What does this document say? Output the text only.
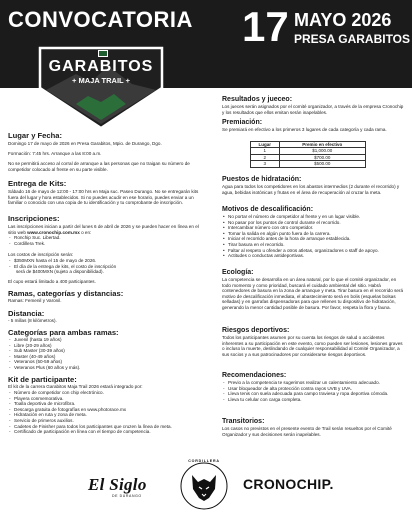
CONVOCATORIA 17 MAYO 2026
PRESA GARABITOS
GARABITOS
+ MAJA TRAIL +
Lugar y Fecha:
Domingo 17 de mayo de 2026 en Presa Garabitos, Mpio. de Durango, Dgo.
Formación: 7:45 hrs. Arranque a las 8:00 a.m.
No se permitirá acceso al corral de arranque a las personas que no traigan su número de competidor colocado al frente en su parte visible.
Entrega de Kits:
Sábado 16 de mayo de 12:00 - 17:00 hrs en Maja suc. Paseo Durango. No se entregarán kits fuera del lugar y hora establecidos. Si no puedes acudir en ese horario, puedes enviar a un familiar o conocido con una copia de tu identificación y tu comprobante de inscripción.
Inscripciones:
Las inscripciones inician a partir del lunes 6 de abril de 2026 y se pueden hacer en línea en el sitio web www.cronochip.com.mx o en:
- Ronchip Suc. Libertad.
- Cordillera Trek.
Los costos de inscripción serán:
- $350MXN hasta el 15 de mayo de 2026.
- El día de la entrega de kits, el costo de inscripción
será de $400MXN (sujeto a disponibilidad).
El cupo estará limitado a 400 participantes.
Ramas, categorías y distancias:
Ramas: Femenil y Varonil.
Distancia:
- 5 millas (8 kilómetros).
Categorías para ambas ramas:
- Juvenil (hasta 19 años)
- Libre (20-29 años)
- Sub Master (30-39 años)
- Master (40-49 años)
- Veteranos (50-59 años)
- Veteranos Plus (60 años y más).
Kit de participante:
El kit de la carrera Garabitos Maja Trail 2026 estará integrado por:
- Número de competidor con chip electrónico.
- Playera conmemorativa.
- Toalla deportiva de microfibra.
- Descarga gratuita de fotografías en www.photorace.mx
- Hidratación en ruta y zona de meta.
- Servicio de primeros auxilios.
- Cadetes de Finisher para todos los participantes que cruzen la línea de meta.
- Certificado de participación en línea con el tiempo de competencia.
Resultados y jueceo:
Los jueces serán asignados por el comité organizador, a través de la empresa Cronochip y los resultados que ellos emitan serán inapelables.
Premiación:
Se premiará en efectivo a los primeros 3 lugares de cada categoría y cada rama.
Lugar	Premio en efectivo
1	$1,000.00
2	$700.00
3	$500.00
Puestos de hidratación:
Agua para todos los competidores en los abastos intermedios (2 durante el recorrido) y agua, bebidas isotónicas y frutas en el área de recuperación al cruzar la meta.
Motivos de descalificación:
• No portar el número de competidor al frente y en un lugar visible.
• No pasar por los puntos de control durante el recorrido.
• Intercambiar número con otro competidor.
• Tomar la salida en algún punto fuera de la carrera.
• Iniciar el recorrido antes de la hora de arranque establecida.
• Tirar basura en el recorrido.
• Faltar al respeto u ofender a otros atletas, organizadores o staff de apoyo.
• Actitudes o conductas antideportivas.
Ecología:
La competencia se desarrolla en un área natural, por lo que el comité organizador, en todo momento y como prioridad, buscará el cuidado ambiental del sitio. Habrá contenedores de basura en la zona de arranque y meta. Tirar basura en el recorrido será motivo de descalificación inmediata, el abastecimiento será en bolis (esquelas bolsas selladas) y en garrafas dispensadoras para que rellenes tu dispositivo de hidratación, generando la menor cantidad posible de basura. Por favor, respeta la flora y fauna.
Riesgos deportivos:
Todos los participantes asumen por su cuenta los riesgos de salud o accidentes inherentes a su participación en este evento, como pueden ser lesiones, lesiones graves o incluso la muerte, deslindando de cualquier responsabilidad al Comité Organizador, a sus socios y a sus patrocinadores por considerarse riesgos deportivos.
Recomendaciones:
- Previo a la competencia te sugerimos realizar un calentamiento adecuado.
- Usar bloqueador de alta protección contra rayos UVB y UVA.
- Lleva tenis con suela adecuada para campo traviesa y ropa deportiva cómoda.
- Lleva tu celular con carga completa.
Transitorios:
Los casos no previstos en el presente evento de Trail serán resueltos por el Comité Organizador y sus decisiones serán inapelables.
El Siglo
DE DURANGO
CORDILLERA
CRONOCHIP.
